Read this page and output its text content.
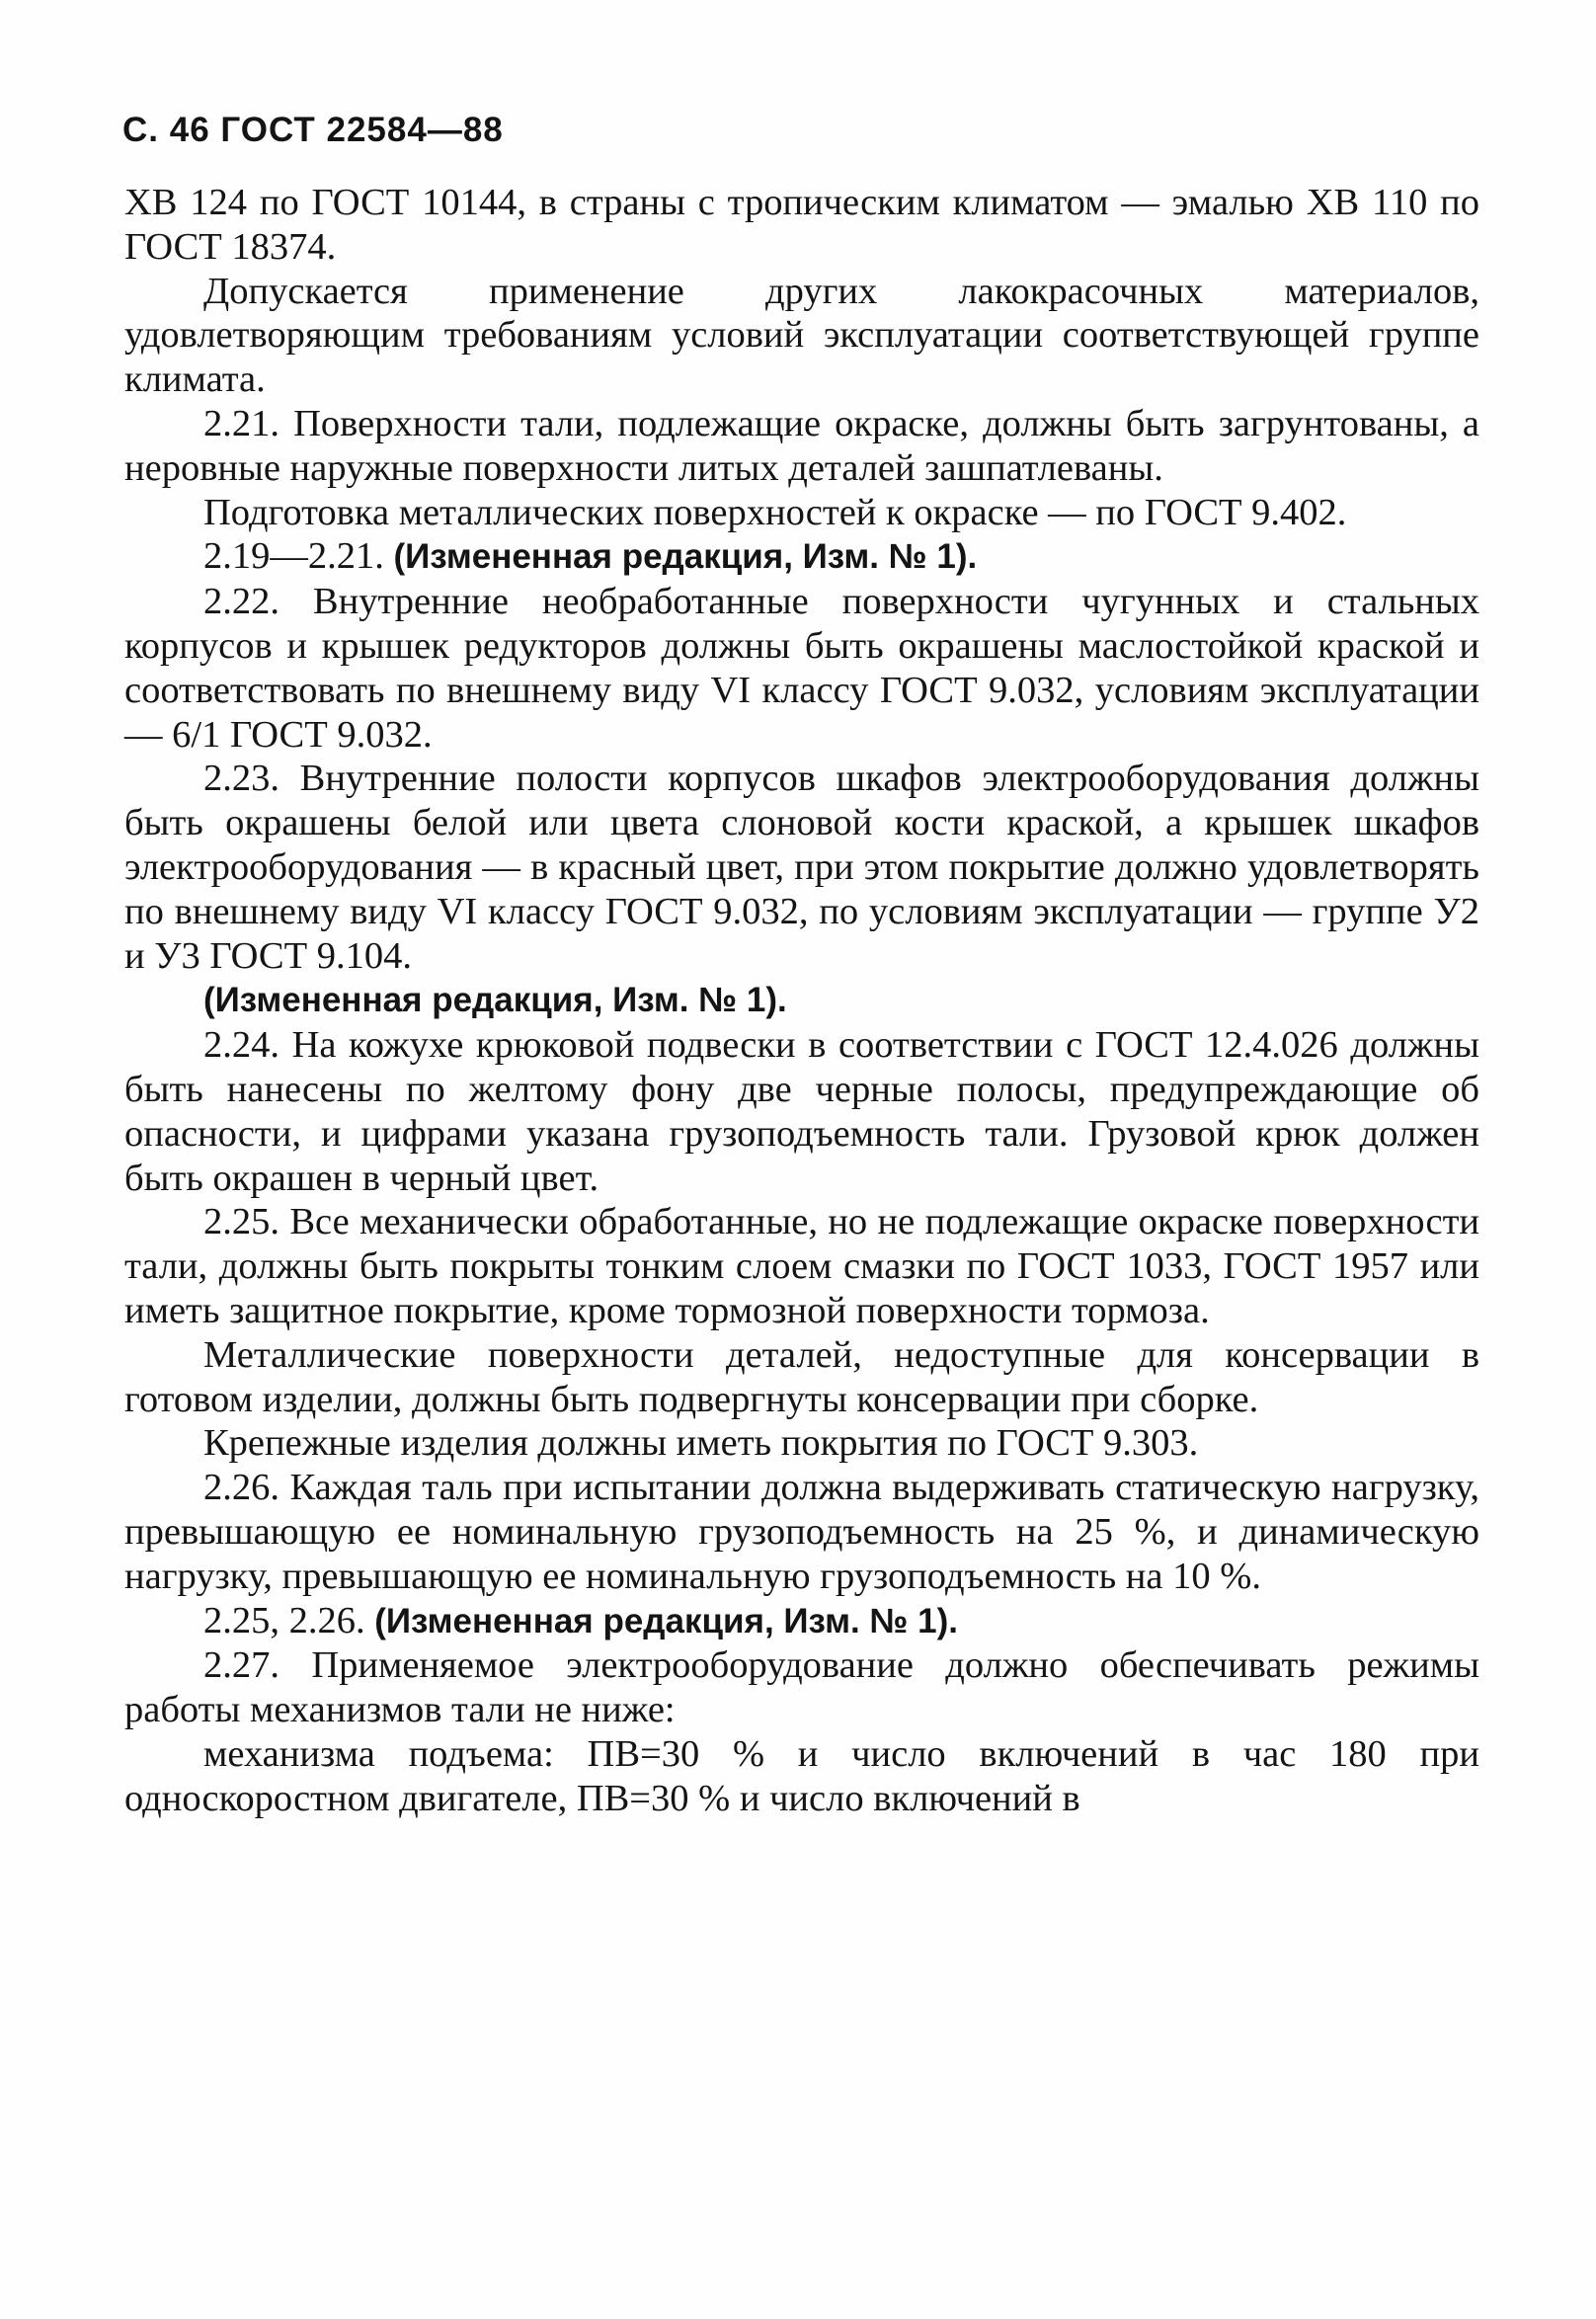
С. 46 ГОСТ 22584—88

ХВ 124 по ГОСТ 10144, в страны с тропическим климатом — эмалью ХВ 110 по ГОСТ 18374.

Допускается применение других лакокрасочных материалов, удовлетворяющим требованиям условий эксплуатации соответствующей группе климата.

2.21. Поверхности тали, подлежащие окраске, должны быть загрунтованы, а неровные наружные поверхности литых деталей зашпатлеваны.

Подготовка металлических поверхностей к окраске — по ГОСТ 9.402.

2.19—2.21. (Измененная редакция, Изм. № 1).

2.22. Внутренние необработанные поверхности чугунных и стальных корпусов и крышек редукторов должны быть окрашены маслостойкой краской и соответствовать по внешнему виду VI классу ГОСТ 9.032, условиям эксплуатации — 6/1 ГОСТ 9.032.

2.23. Внутренние полости корпусов шкафов электрооборудования должны быть окрашены белой или цвета слоновой кости краской, а крышек шкафов электрооборудования — в красный цвет, при этом покрытие должно удовлетворять по внешнему виду VI классу ГОСТ 9.032, по условиям эксплуатации — группе У2 и У3 ГОСТ 9.104.

(Измененная редакция, Изм. № 1).

2.24. На кожухе крюковой подвески в соответствии с ГОСТ 12.4.026 должны быть нанесены по желтому фону две черные полосы, предупреждающие об опасности, и цифрами указана грузоподъемность тали. Грузовой крюк должен быть окрашен в черный цвет.

2.25. Все механически обработанные, но не подлежащие окраске поверхности тали, должны быть покрыты тонким слоем смазки по ГОСТ 1033, ГОСТ 1957 или иметь защитное покрытие, кроме тормозной поверхности тормоза.

Металлические поверхности деталей, недоступные для консервации в готовом изделии, должны быть подвергнуты консервации при сборке.

Крепежные изделия должны иметь покрытия по ГОСТ 9.303.

2.26. Каждая таль при испытании должна выдерживать статическую нагрузку, превышающую ее номинальную грузоподъемность на 25 %, и динамическую нагрузку, превышающую ее номинальную грузоподъемность на 10 %.

2.25, 2.26. (Измененная редакция, Изм. № 1).

2.27. Применяемое электрооборудование должно обеспечивать режимы работы механизмов тали не ниже:

механизма подъема: ПВ=30 % и число включений в час 180 при односкоростном двигателе, ПВ=30 % и число включений в
